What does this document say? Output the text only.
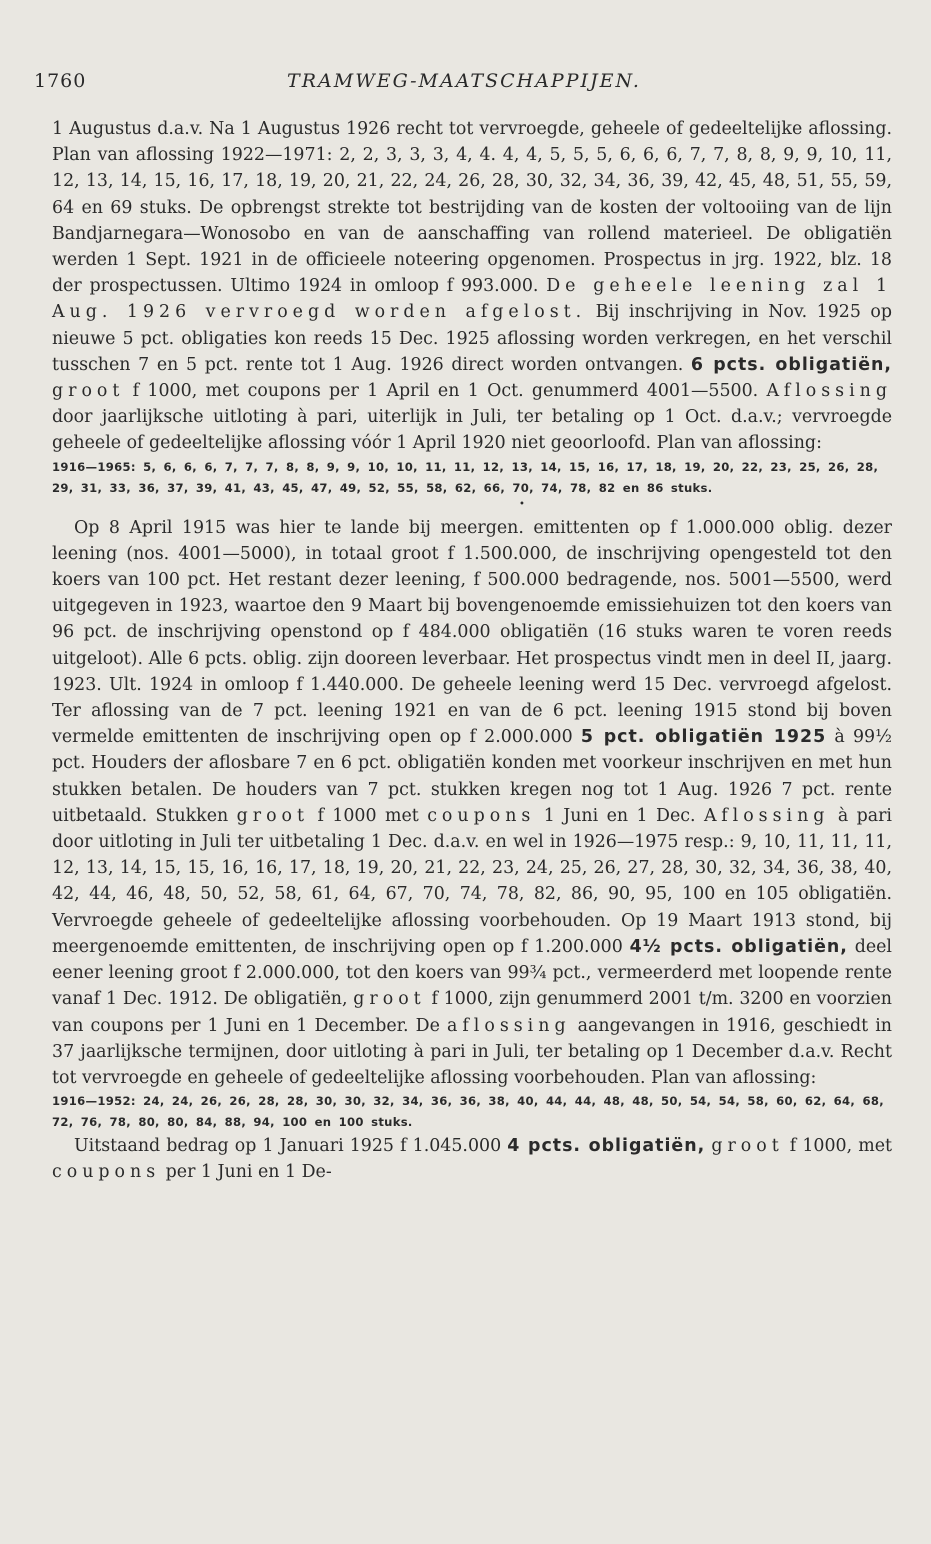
1760	TRAMWEG-MAATSCHAPPIJEN.

1 Augustus d.a.v. Na 1 Augustus 1926 recht tot vervroegde, geheele of gedeeltelijke aflossing. Plan van aflossing 1922—1971: 2, 2, 3, 3, 3, 4, 4. 4, 4, 5, 5, 5, 6, 6, 6, 7, 7, 8, 8, 9, 9, 10, 11, 12, 13, 14, 15, 16, 17, 18, 19, 20, 21, 22, 24, 26, 28, 30, 32, 34, 36, 39, 42, 45, 48, 51, 55, 59, 64 en 69 stuks. De opbrengst strekte tot bestrijding van de kosten der voltooiing van de lijn Bandjarnegara—Wonosobo en van de aanschaffing van rollend materieel. De obligatiën werden 1 Sept. 1921 in de officieele noteering opgenomen. Prospectus in jrg. 1922, blz. 18 der prospectussen. Ultimo 1924 in omloop f 993.000. De geheele leening zal 1 Aug. 1926 vervroegd worden afgelost. Bij inschrijving in Nov. 1925 op nieuwe 5 pct. obligaties kon reeds 15 Dec. 1925 aflossing worden verkregen, en het verschil tusschen 7 en 5 pct. rente tot 1 Aug. 1926 direct worden ontvangen. 6 pcts. obligatiën, groot f 1000, met coupons per 1 April en 1 Oct. genummerd 4001—5500. Aflossing door jaarlijksche uitloting à pari, uiterlijk in Juli, ter betaling op 1 Oct. d.a.v.; vervroegde geheele of gedeeltelijke aflossing vóór 1 April 1920 niet geoorloofd. Plan van aflossing:

1916—1965: 5, 6, 6, 6, 7, 7, 7, 8, 8, 9, 9, 10, 10, 11, 11, 12, 13, 14, 15, 16, 17, 18, 19, 20, 22, 23, 25, 26, 28, 29, 31, 33, 36, 37, 39, 41, 43, 45, 47, 49, 52, 55, 58, 62, 66, 70, 74, 78, 82 en 86 stuks.

•

Op 8 April 1915 was hier te lande bij meergen. emittenten op f 1.000.000 oblig. dezer leening (nos. 4001—5000), in totaal groot f 1.500.000, de inschrijving opengesteld tot den koers van 100 pct. Het restant dezer leening, f 500.000 bedragende, nos. 5001—5500, werd uitgegeven in 1923, waartoe den 9 Maart bij bovengenoemde emissiehuizen tot den koers van 96 pct. de inschrijving openstond op f 484.000 obligatiën (16 stuks waren te voren reeds uitgeloot). Alle 6 pcts. oblig. zijn dooreen leverbaar. Het prospectus vindt men in deel II, jaarg. 1923. Ult. 1924 in omloop f 1.440.000. De geheele leening werd 15 Dec. vervroegd afgelost. Ter aflossing van de 7 pct. leening 1921 en van de 6 pct. leening 1915 stond bij boven vermelde emittenten de inschrijving open op f 2.000.000 5 pct. obligatiën 1925 à 99½ pct. Houders der aflosbare 7 en 6 pct. obligatiën konden met voorkeur inschrijven en met hun stukken betalen. De houders van 7 pct. stukken kregen nog tot 1 Aug. 1926 7 pct. rente uitbetaald. Stukken groot f 1000 met coupons 1 Juni en 1 Dec. Aflossing à pari door uitloting in Juli ter uitbetaling 1 Dec. d.a.v. en wel in 1926—1975 resp.: 9, 10, 11, 11, 11, 12, 13, 14, 15, 15, 16, 16, 17, 18, 19, 20, 21, 22, 23, 24, 25, 26, 27, 28, 30, 32, 34, 36, 38, 40, 42, 44, 46, 48, 50, 52, 58, 61, 64, 67, 70, 74, 78, 82, 86, 90, 95, 100 en 105 obligatiën. Vervroegde geheele of gedeeltelijke aflossing voorbehouden. Op 19 Maart 1913 stond, bij meergenoemde emittenten, de inschrijving open op f 1.200.000 4½ pcts. obligatiën, deel eener leening groot f 2.000.000, tot den koers van 99¾ pct., vermeerderd met loopende rente vanaf 1 Dec. 1912. De obligatiën, groot f 1000, zijn genummerd 2001 t/m. 3200 en voorzien van coupons per 1 Juni en 1 December. De aflossing aangevangen in 1916, geschiedt in 37 jaarlijksche termijnen, door uitloting à pari in Juli, ter betaling op 1 December d.a.v. Recht tot vervroegde en geheele of gedeeltelijke aflossing voorbehouden. Plan van aflossing:

1916—1952: 24, 24, 26, 26, 28, 28, 30, 30, 32, 34, 36, 36, 38, 40, 44, 44, 48, 48, 50, 54, 54, 58, 60, 62, 64, 68, 72, 76, 78, 80, 80, 84, 88, 94, 100 en 100 stuks.

Uitstaand bedrag op 1 Januari 1925 f 1.045.000 4 pcts. obligatiën, groot f 1000, met coupons per 1 Juni en 1 De-
